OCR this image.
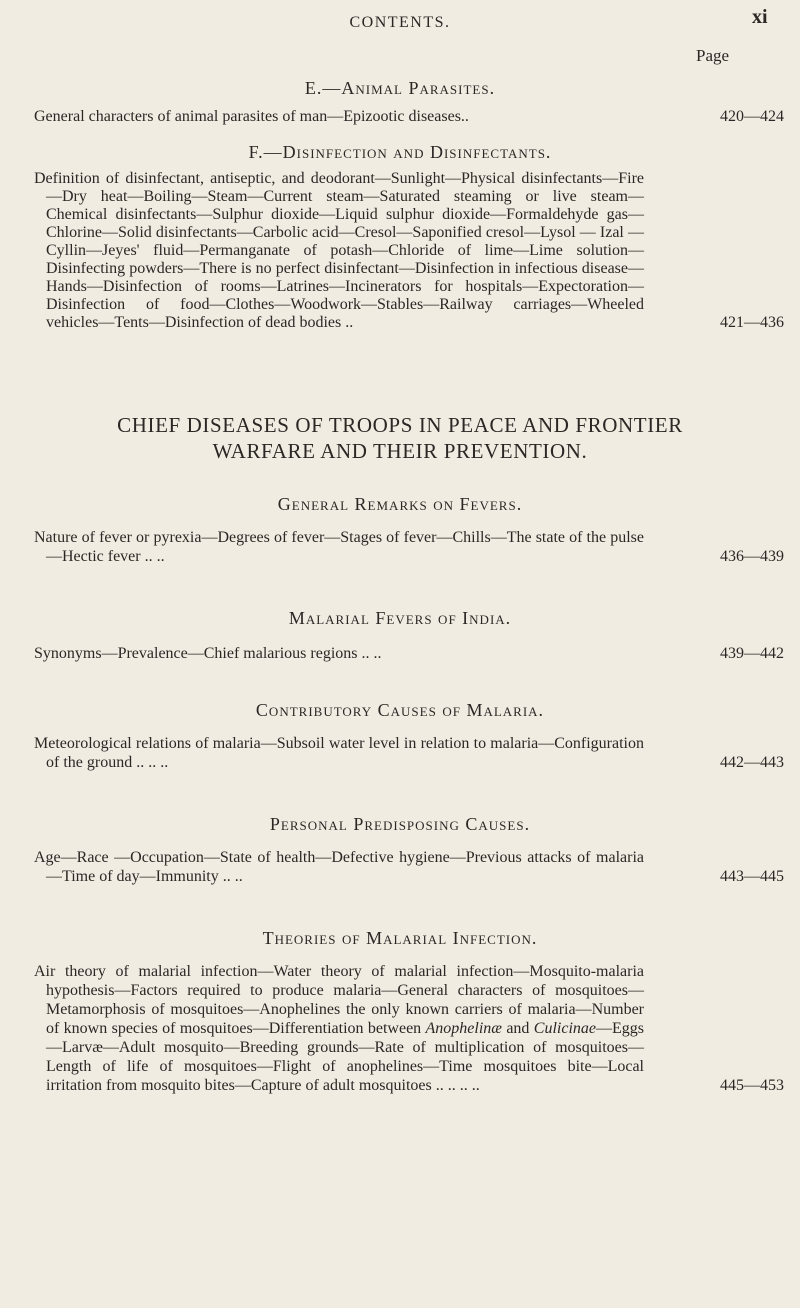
CONTENTS.	xi
Page
E.—Animal Parasites.
General characters of animal parasites of man—Epizootic diseases..	420—424
F.—Disinfection and Disinfectants.
Definition of disinfectant, antiseptic, and deodorant—Sunlight—Physical disinfectants—Fire—Dry heat—Boiling—Steam—Current steam—Saturated steaming or live steam—Chemical disinfectants—Sulphur dioxide—Liquid sulphur dioxide—Formaldehyde gas—Chlorine—Solid disinfectants—Carbolic acid—Cresol—Saponified cresol—Lysol — Izal — Cyllin—Jeyes' fluid—Permanganate of potash—Chloride of lime—Lime solution—Disinfecting powders—There is no perfect disinfectant—Disinfection in infectious disease—Hands—Disinfection of rooms—Latrines—Incinerators for hospitals—Expectoration—Disinfection of food—Clothes—Woodwork—Stables—Railway carriages—Wheeled vehicles—Tents—Disinfection of dead bodies ..	421—436
CHIEF DISEASES OF TROOPS IN PEACE AND FRONTIER
WARFARE AND THEIR PREVENTION.
General Remarks on Fevers.
Nature of fever or pyrexia—Degrees of fever—Stages of fever—Chills—The state of the pulse—Hectic fever .. ..	436—439
Malarial Fevers of India.
Synonyms—Prevalence—Chief malarious regions .. ..	439—442
Contributory Causes of Malaria.
Meteorological relations of malaria—Subsoil water level in relation to malaria—Configuration of the ground .. .. ..	442—443
Personal Predisposing Causes.
Age—Race —Occupation—State of health—Defective hygiene—Previous attacks of malaria—Time of day—Immunity .. ..	443—445
Theories of Malarial Infection.
Air theory of malarial infection—Water theory of malarial infection—Mosquito-malaria hypothesis—Factors required to produce malaria—General characters of mosquitoes—Metamorphosis of mosquitoes—Anophelines the only known carriers of malaria—Number of known species of mosquitoes—Differentiation between Anophelinæ and Culicinae—Eggs—Larvæ—Adult mosquito—Breeding grounds—Rate of multiplication of mosquitoes—Length of life of mosquitoes—Flight of anophelines—Time mosquitoes bite—Local irritation from mosquito bites—Capture of adult mosquitoes .. .. .. ..	445—453
